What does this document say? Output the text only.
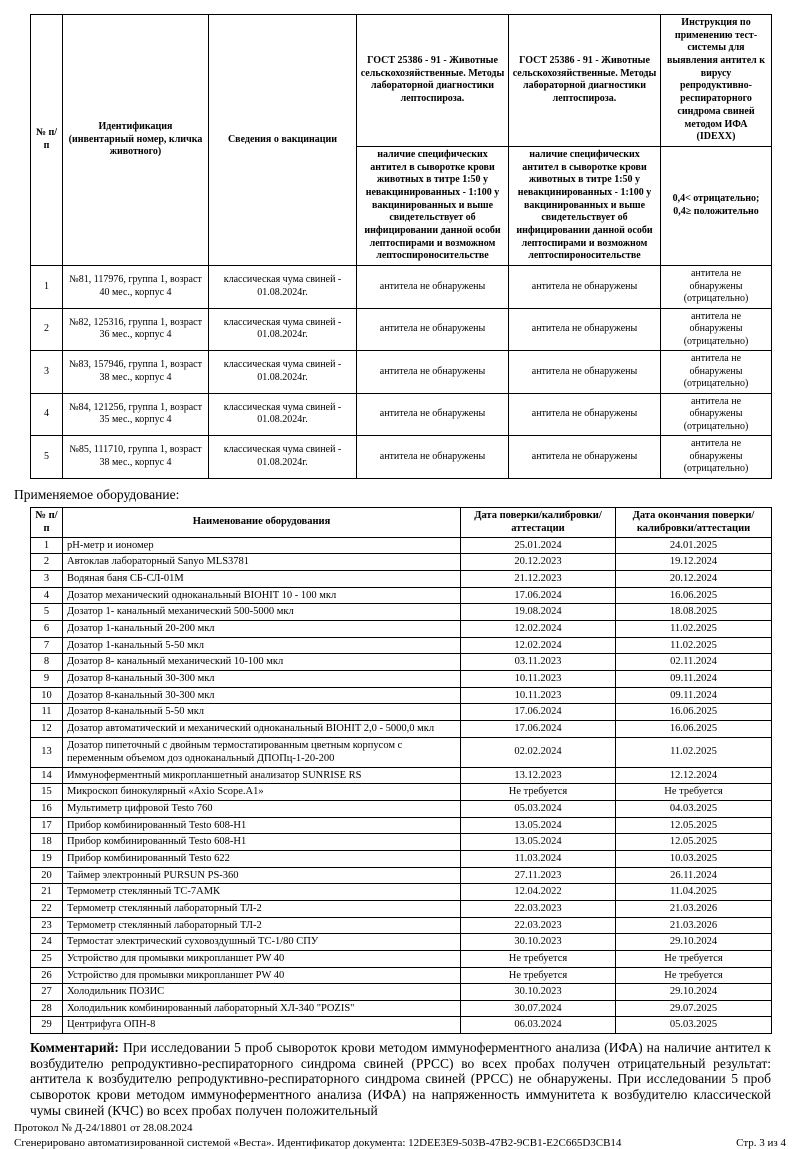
№ п/п	Идентификация (инвентарный номер, кличка животного)	Сведения о вакцинации	ГОСТ 25386 - 91 - Животные сельскохозяйственные. Методы лабораторной диагностики лептоспироза.	ГОСТ 25386 - 91 - Животные сельскохозяйственные. Методы лабораторной диагностики лептоспироза.	Инструкция по применению тест-системы для выявления антител к вирусу репродуктивно-респираторного синдрома свиней методом ИФА (IDEXX)
наличие специфических антител в сыворотке крови животных в титре 1:50 у невакцинированных - 1:100 у вакцинированных и выше свидетельствует об инфицировании данной особи лептоспирами и возможном лептоспироносительстве	наличие специфических антител в сыворотке крови животных в титре 1:50 у невакцинированных - 1:100 у вакцинированных и выше свидетельствует об инфицировании данной особи лептоспирами и возможном лептоспироносительстве	0,4< отрицательно; 0,4≥ положительно
1	№81, 117976, группа 1, возраст 40 мес., корпус 4	классическая чума свиней - 01.08.2024г.	антитела не обнаружены	антитела не обнаружены	антитела не обнаружены (отрицательно)
2	№82, 125316, группа 1, возраст 36 мес., корпус 4	классическая чума свиней - 01.08.2024г.	антитела не обнаружены	антитела не обнаружены	антитела не обнаружены (отрицательно)
3	№83, 157946, группа 1, возраст 38 мес., корпус 4	классическая чума свиней - 01.08.2024г.	антитела не обнаружены	антитела не обнаружены	антитела не обнаружены (отрицательно)
4	№84, 121256, группа 1, возраст 35 мес., корпус 4	классическая чума свиней - 01.08.2024г.	антитела не обнаружены	антитела не обнаружены	антитела не обнаружены (отрицательно)
5	№85, 111710, группа 1, возраст 38 мес., корпус 4	классическая чума свиней - 01.08.2024г.	антитела не обнаружены	антитела не обнаружены	антитела не обнаружены (отрицательно)
Применяемое оборудование:
№ п/п	Наименование оборудования	Дата поверки/калибровки/аттестации	Дата окончания поверки/калибровки/аттестации
1	pH-метр и иономер	25.01.2024	24.01.2025
2	Автоклав лабораторный Sanyo MLS3781	20.12.2023	19.12.2024
3	Водяная баня СБ-СЛ-01М	21.12.2023	20.12.2024
4	Дозатор механический одноканальный BIOHIT 10 - 100 мкл	17.06.2024	16.06.2025
5	Дозатор 1- канальный механический 500-5000 мкл	19.08.2024	18.08.2025
6	Дозатор 1-канальный 20-200 мкл	12.02.2024	11.02.2025
7	Дозатор 1-канальный 5-50 мкл	12.02.2024	11.02.2025
8	Дозатор 8- канальный механический 10-100 мкл	03.11.2023	02.11.2024
9	Дозатор 8-канальный 30-300 мкл	10.11.2023	09.11.2024
10	Дозатор 8-канальный 30-300 мкл	10.11.2023	09.11.2024
11	Дозатор 8-канальный 5-50 мкл	17.06.2024	16.06.2025
12	Дозатор автоматический и механический одноканальный BIOHIT 2,0 - 5000,0 мкл	17.06.2024	16.06.2025
13	Дозатор пипеточный с двойным термостатированным цветным корпусом с переменным объемом доз одноканальный ДПОПц-1-20-200	02.02.2024	11.02.2025
14	Иммуноферментный микропланшетный анализатор SUNRISE RS	13.12.2023	12.12.2024
15	Микроскоп бинокулярный «Axio Scope.A1»	Не требуется	Не требуется
16	Мультиметр цифровой Testo 760	05.03.2024	04.03.2025
17	Прибор комбинированный Testo 608-H1	13.05.2024	12.05.2025
18	Прибор комбинированный Testo 608-H1	13.05.2024	12.05.2025
19	Прибор комбинированный Testo 622	11.03.2024	10.03.2025
20	Таймер электронный PURSUN PS-360	27.11.2023	26.11.2024
21	Термометр стеклянный ТС-7АМК	12.04.2022	11.04.2025
22	Термометр стеклянный лабораторный ТЛ-2	22.03.2023	21.03.2026
23	Термометр стеклянный лабораторный ТЛ-2	22.03.2023	21.03.2026
24	Термостат электрический суховоздушный ТС-1/80 СПУ	30.10.2023	29.10.2024
25	Устройство для промывки микропланшет PW 40	Не требуется	Не требуется
26	Устройство для промывки микропланшет PW 40	Не требуется	Не требуется
27	Холодильник ПОЗИС	30.10.2023	29.10.2024
28	Холодильник комбинированный лабораторный ХЛ-340 "POZIS"	30.07.2024	29.07.2025
29	Центрифуга ОПН-8	06.03.2024	05.03.2025

Комментарий: При исследовании 5 проб сывороток крови методом иммуноферментного анализа (ИФА) на наличие антител к возбудителю репродуктивно-респираторного синдрома свиней (РРСС) во всех пробах получен отрицательный результат: антитела к возбудителю репродуктивно-респираторного синдрома свиней (РРСС) не обнаружены. При исследовании 5 проб сывороток крови методом иммуноферментного анализа (ИФА) на напряженность иммунитета к возбудителю классической чумы свиней (КЧС) во всех пробах получен положительный

Протокол № Д-24/18801 от 28.08.2024
Сгенерировано автоматизированной системой «Веста». Идентификатор документа: 12DEE3E9-503B-47B2-9CB1-E2C665D3CB14	Стр. 3 из 4
